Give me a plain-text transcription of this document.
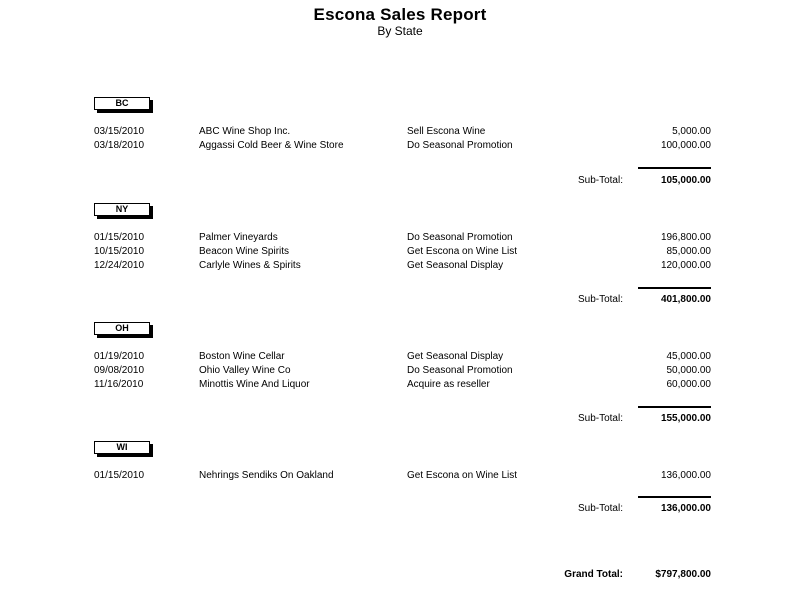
Escona Sales Report
By State
BC
03/15/2010	ABC Wine Shop Inc.	Sell Escona Wine	5,000.00
03/18/2010	Aggassi Cold Beer & Wine Store	Do Seasonal Promotion	100,000.00
Sub-Total:	105,000.00
NY
01/15/2010	Palmer Vineyards	Do Seasonal Promotion	196,800.00
10/15/2010	Beacon Wine Spirits	Get Escona on Wine List	85,000.00
12/24/2010	Carlyle Wines & Spirits	Get Seasonal Display	120,000.00
Sub-Total:	401,800.00
OH
01/19/2010	Boston Wine Cellar	Get Seasonal Display	45,000.00
09/08/2010	Ohio Valley Wine Co	Do Seasonal Promotion	50,000.00
11/16/2010	Minottis Wine And Liquor	Acquire as reseller	60,000.00
Sub-Total:	155,000.00
WI
01/15/2010	Nehrings Sendiks On Oakland	Get Escona on Wine List	136,000.00
Sub-Total:	136,000.00
Grand Total:	$797,800.00
